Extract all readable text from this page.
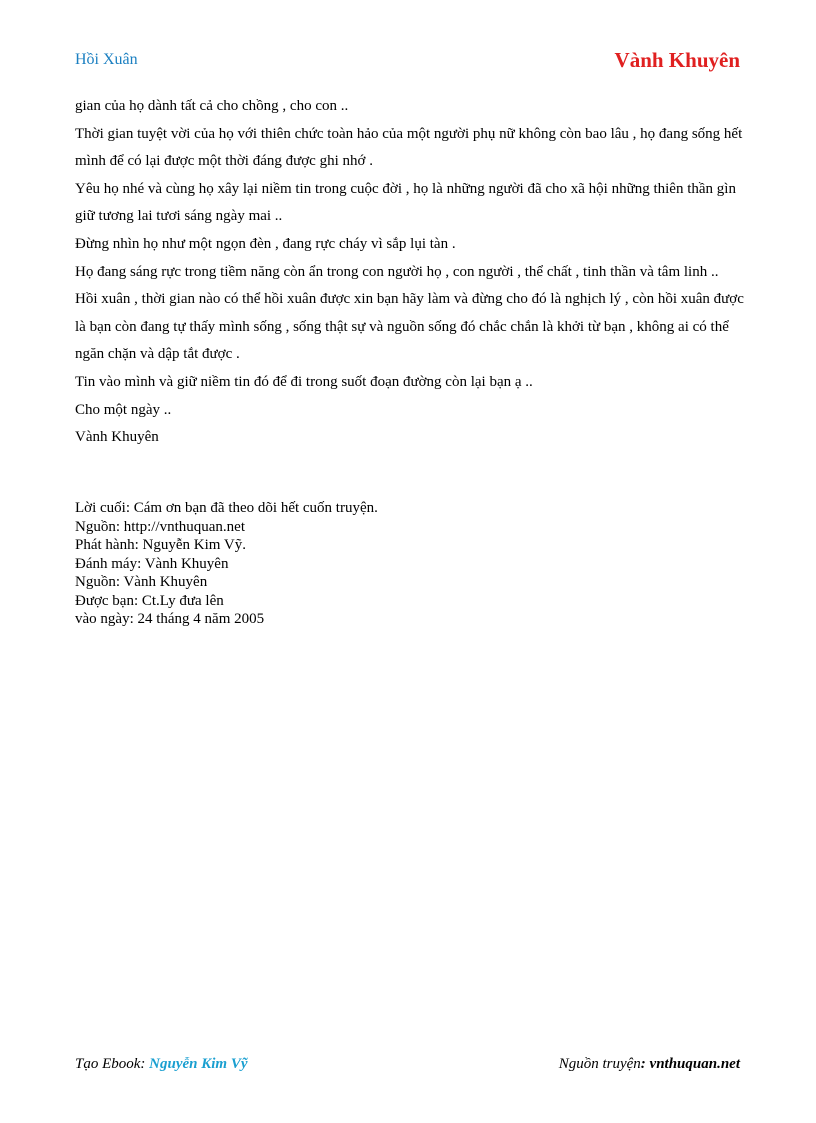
Hồi Xuân	Vành Khuyên

gian của họ dành tất cả cho chồng , cho con ..

Thời gian tuyệt vời của họ với thiên chức toàn hảo của một người phụ nữ không còn bao lâu , họ đang sống hết mình để có lại được một thời đáng được ghi nhớ .

Yêu họ nhé và cùng họ xây lại niềm tin trong cuộc đời , họ là những người đã cho xã hội những thiên thần gìn giữ tương lai tươi sáng ngày mai ..

Đừng nhìn họ như một ngọn đèn , đang rực cháy vì sắp lụi tàn .

Họ đang sáng rực trong tiềm năng còn ẩn trong con người họ , con người , thể chất , tinh thần và tâm linh ..

Hồi xuân , thời gian nào có thể hồi xuân được xin bạn hãy làm và đừng cho đó là nghịch lý , còn hồi xuân được là bạn còn đang tự thấy mình sống , sống thật sự và nguồn sống đó chắc chắn là khởi từ bạn , không ai có thể ngăn chặn và dập tắt được .

Tin vào mình và giữ niềm tin đó để đi trong suốt đoạn đường còn lại bạn ạ ..

Cho một ngày ..

Vành Khuyên

Lời cuối: Cám ơn bạn đã theo dõi hết cuốn truyện.
Nguồn: http://vnthuquan.net
Phát hành: Nguyễn Kim Vỹ.
Đánh máy: Vành Khuyên
Nguồn: Vành Khuyên
Được bạn: Ct.Ly đưa lên
vào ngày: 24 tháng 4 năm 2005
Tạo Ebook: Nguyễn Kim Vỹ	Nguồn truyện: vnthuquan.net
